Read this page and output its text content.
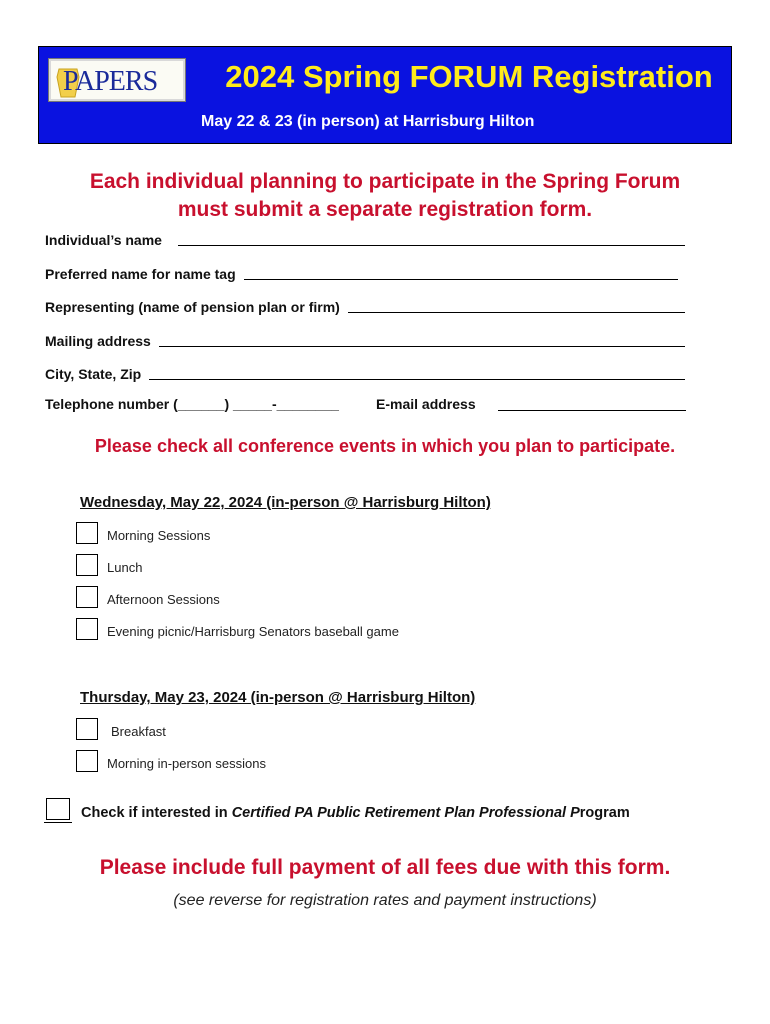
PAPERS	2024 Spring FORUM Registration
May 22 & 23 (in person) at Harrisburg Hilton
Each individual planning to participate in the Spring Forum
must submit a separate registration form.
Individual’s name
Preferred name for name tag
Representing (name of pension plan or firm)
Mailing address
City, State, Zip
Telephone number (______) _____-________	E-mail address
Please check all conference events in which you plan to participate.
Wednesday, May 22, 2024 (in-person @ Harrisburg Hilton)
Morning Sessions
Lunch
Afternoon Sessions
Evening picnic/Harrisburg Senators baseball game
Thursday, May 23, 2024 (in-person @ Harrisburg Hilton)
Breakfast
Morning in-person sessions
Check if interested in Certified PA Public Retirement Plan Professional Program
Please include full payment of all fees due with this form.
(see reverse for registration rates and payment instructions)
